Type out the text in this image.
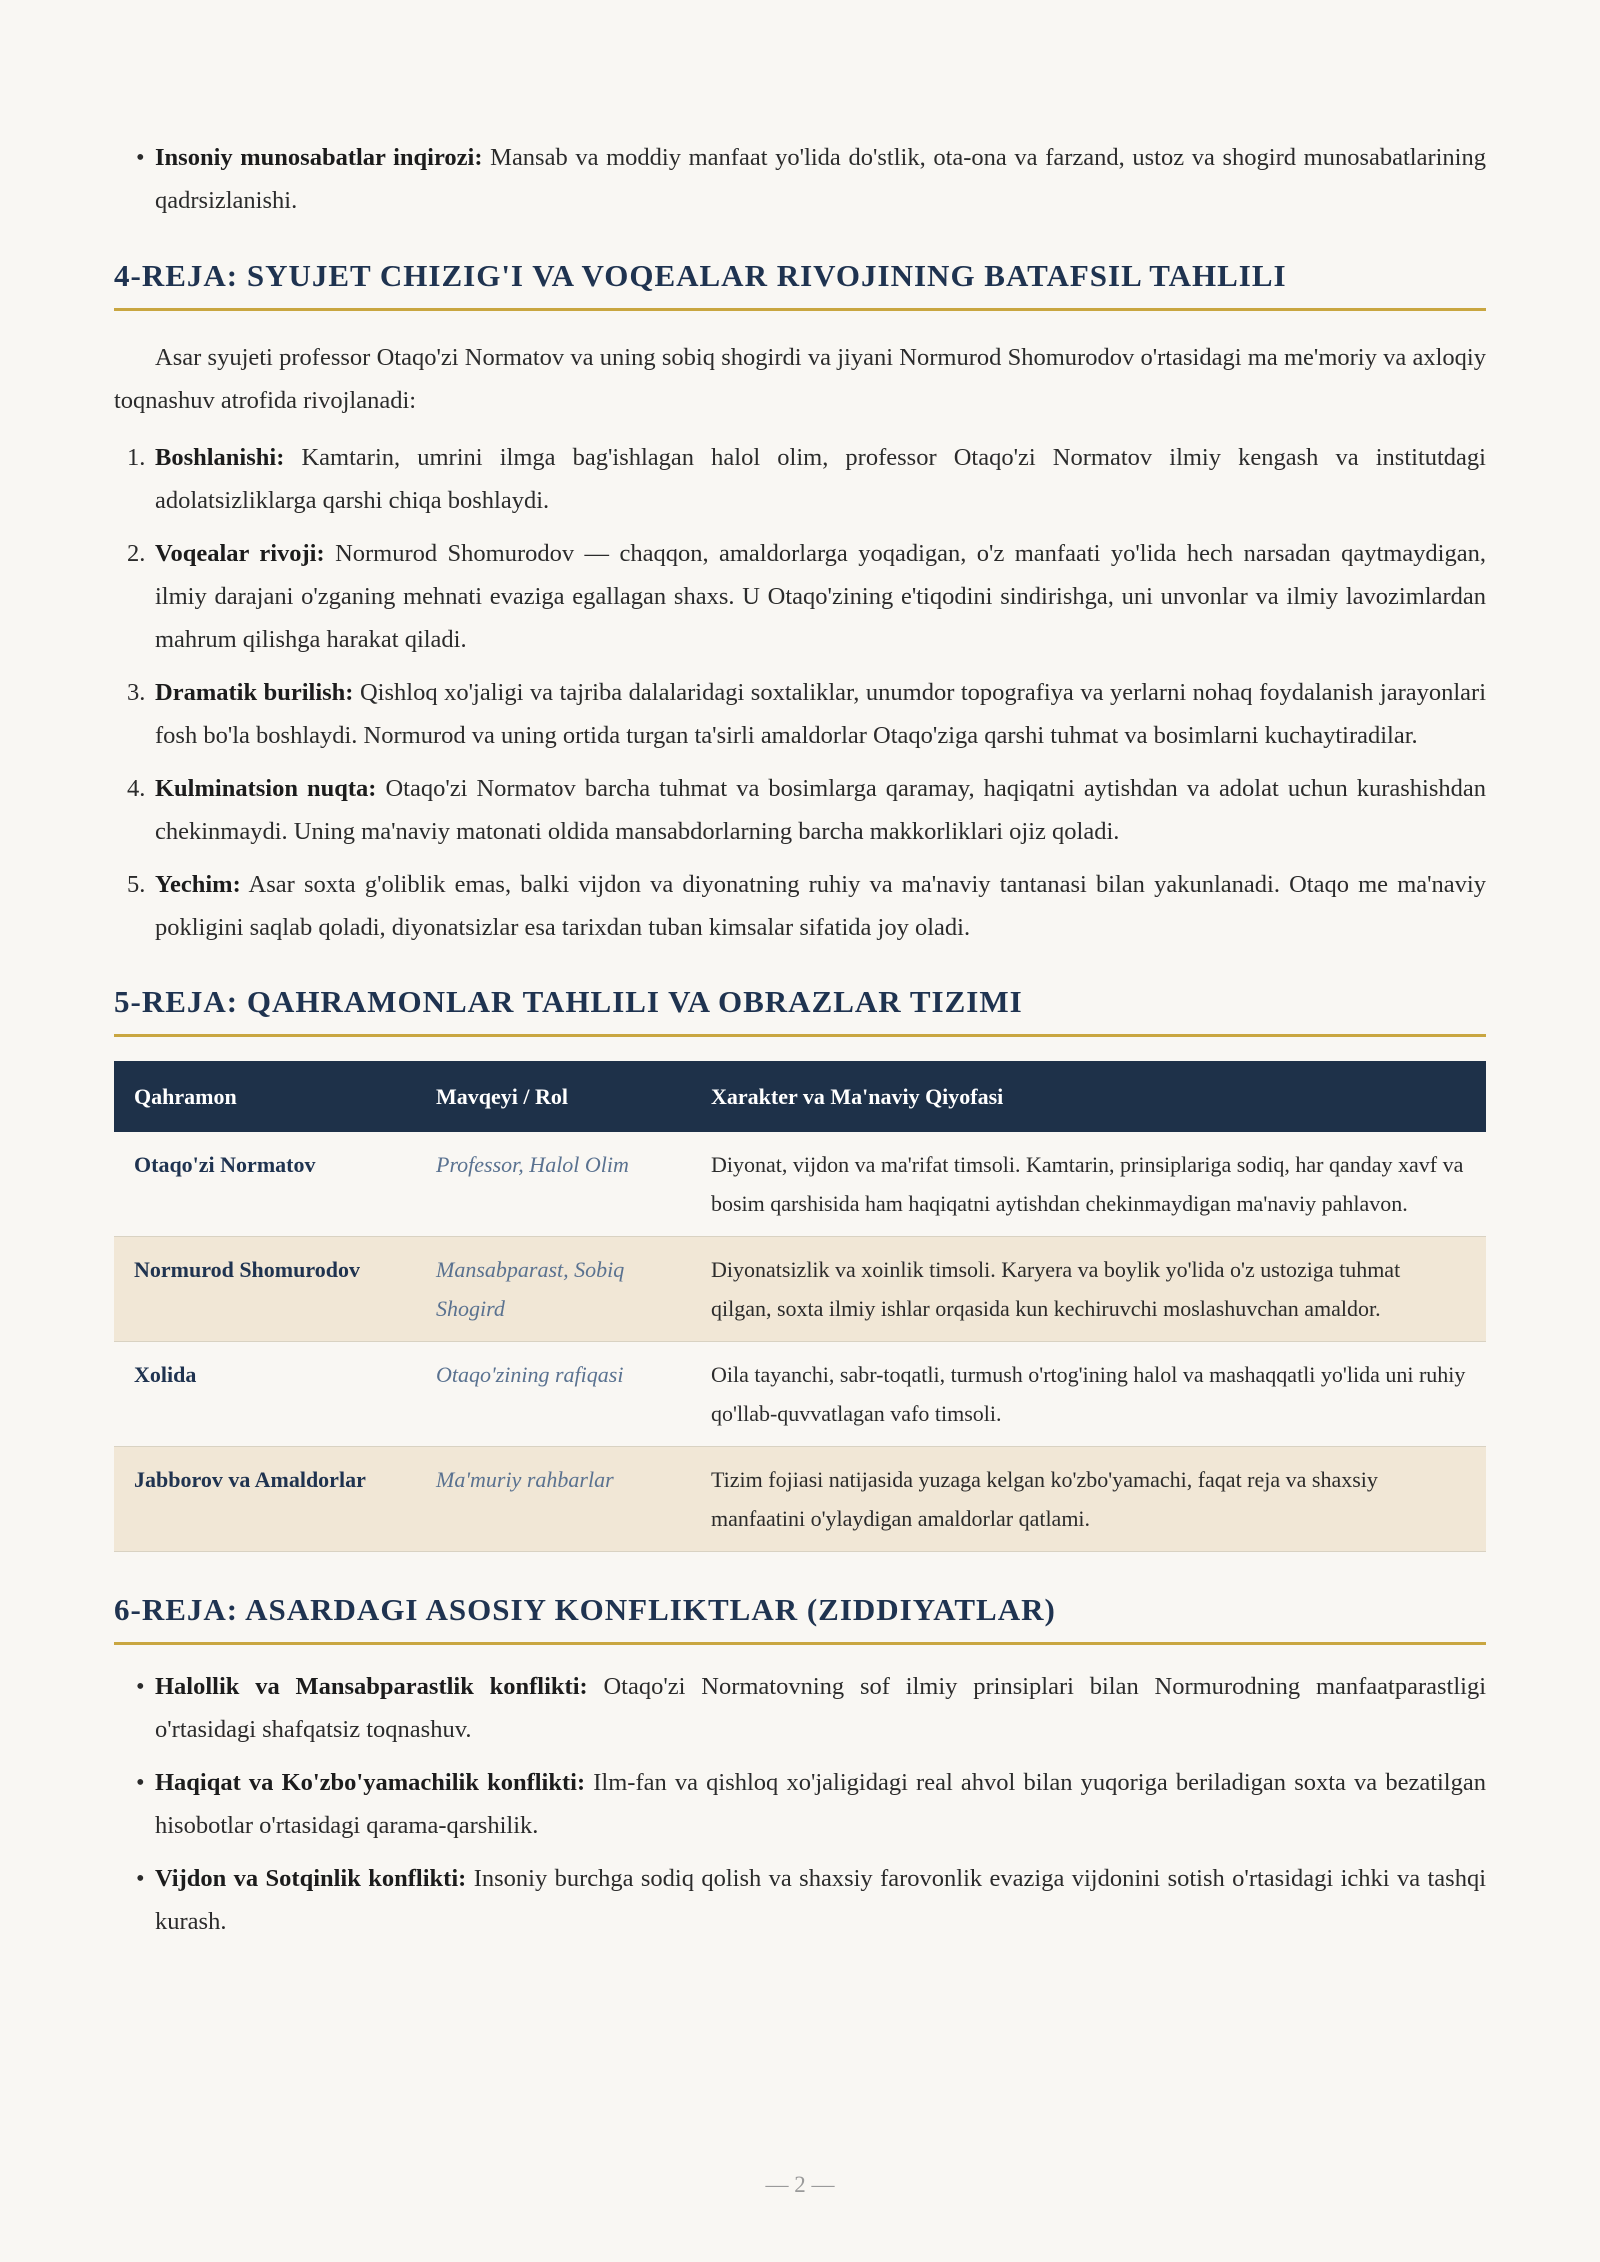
• Insoniy munosabatlar inqirozi: Mansab va moddiy manfaat yo'lida do'stlik, ota-ona va farzand, ustoz va shogird munosabatlarining qadrsizlanishi.
4-REJA: SYUJET CHIZIG'I VA VOQEALAR RIVOJINING BATAFSIL TAHLILI

Asar syujeti professor Otaqo'zi Normatov va uning sobiq shogirdi va jiyani Normurod Shomurodov o'rtasidagi ma me'moriy va axloqiy toqnashuv atrofida rivojlanadi:

1. Boshlanishi: Kamtarin, umrini ilmga bag'ishlagan halol olim, professor Otaqo'zi Normatov ilmiy kengash va institutdagi adolatsizliklarga qarshi chiqa boshlaydi.
2. Voqealar rivoji: Normurod Shomurodov — chaqqon, amaldorlarga yoqadigan, o'z manfaati yo'lida hech narsadan qaytmaydigan, ilmiy darajani o'zganing mehnati evaziga egallagan shaxs. U Otaqo'zining e'tiqodini sindirishga, uni unvonlar va ilmiy lavozimlardan mahrum qilishga harakat qiladi.
3. Dramatik burilish: Qishloq xo'jaligi va tajriba dalalaridagi soxtaliklar, unumdor topografiya va yerlarni nohaq foydalanish jarayonlari fosh bo'la boshlaydi. Normurod va uning ortida turgan ta'sirli amaldorlar Otaqo'ziga qarshi tuhmat va bosimlarni kuchaytiradilar.
4. Kulminatsion nuqta: Otaqo'zi Normatov barcha tuhmat va bosimlarga qaramay, haqiqatni aytishdan va adolat uchun kurashishdan chekinmaydi. Uning ma'naviy matonati oldida mansabdorlarning barcha makkorliklari ojiz qoladi.
5. Yechim: Asar soxta g'oliblik emas, balki vijdon va diyonatning ruhiy va ma'naviy tantanasi bilan yakunlanadi. Otaqo me ma'naviy pokligini saqlab qoladi, diyonatsizlar esa tarixdan tuban kimsalar sifatida joy oladi.
5-REJA: QAHRAMONLAR TAHLILI VA OBRAZLAR TIZIMI
Qahramon	Mavqeyi / Rol	Xarakter va Ma'naviy Qiyofasi
Otaqo'zi Normatov	Professor, Halol Olim	Diyonat, vijdon va ma'rifat timsoli. Kamtarin, prinsiplariga sodiq, har qanday xavf va bosim qarshisida ham haqiqatni aytishdan chekinmaydigan ma'naviy pahlavon.
Normurod Shomurodov	Mansabparast, Sobiq Shogird	Diyonatsizlik va xoinlik timsoli. Karyera va boylik yo'lida o'z ustoziga tuhmat qilgan, soxta ilmiy ishlar orqasida kun kechiruvchi moslashuvchan amaldor.
Xolida	Otaqo'zining rafiqasi	Oila tayanchi, sabr-toqatli, turmush o'rtog'ining halol va mashaqqatli yo'lida uni ruhiy qo'llab-quvvatlagan vafo timsoli.
Jabborov va Amaldorlar	Ma'muriy rahbarlar	Tizim fojiasi natijasida yuzaga kelgan ko'zbo'yamachi, faqat reja va shaxsiy manfaatini o'ylaydigan amaldorlar qatlami.
6-REJA: ASARDAGI ASOSIY KONFLIKTLAR (ZIDDIYATLAR)
• Halollik va Mansabparastlik konflikti: Otaqo'zi Normatovning sof ilmiy prinsiplari bilan Normurodning manfaatparastligi o'rtasidagi shafqatsiz toqnashuv.
• Haqiqat va Ko'zbo'yamachilik konflikti: Ilm-fan va qishloq xo'jaligidagi real ahvol bilan yuqoriga beriladigan soxta va bezatilgan hisobotlar o'rtasidagi qarama-qarshilik.
• Vijdon va Sotqinlik konflikti: Insoniy burchga sodiq qolish va shaxsiy farovonlik evaziga vijdonini sotish o'rtasidagi ichki va tashqi kurash.
— 2 —
